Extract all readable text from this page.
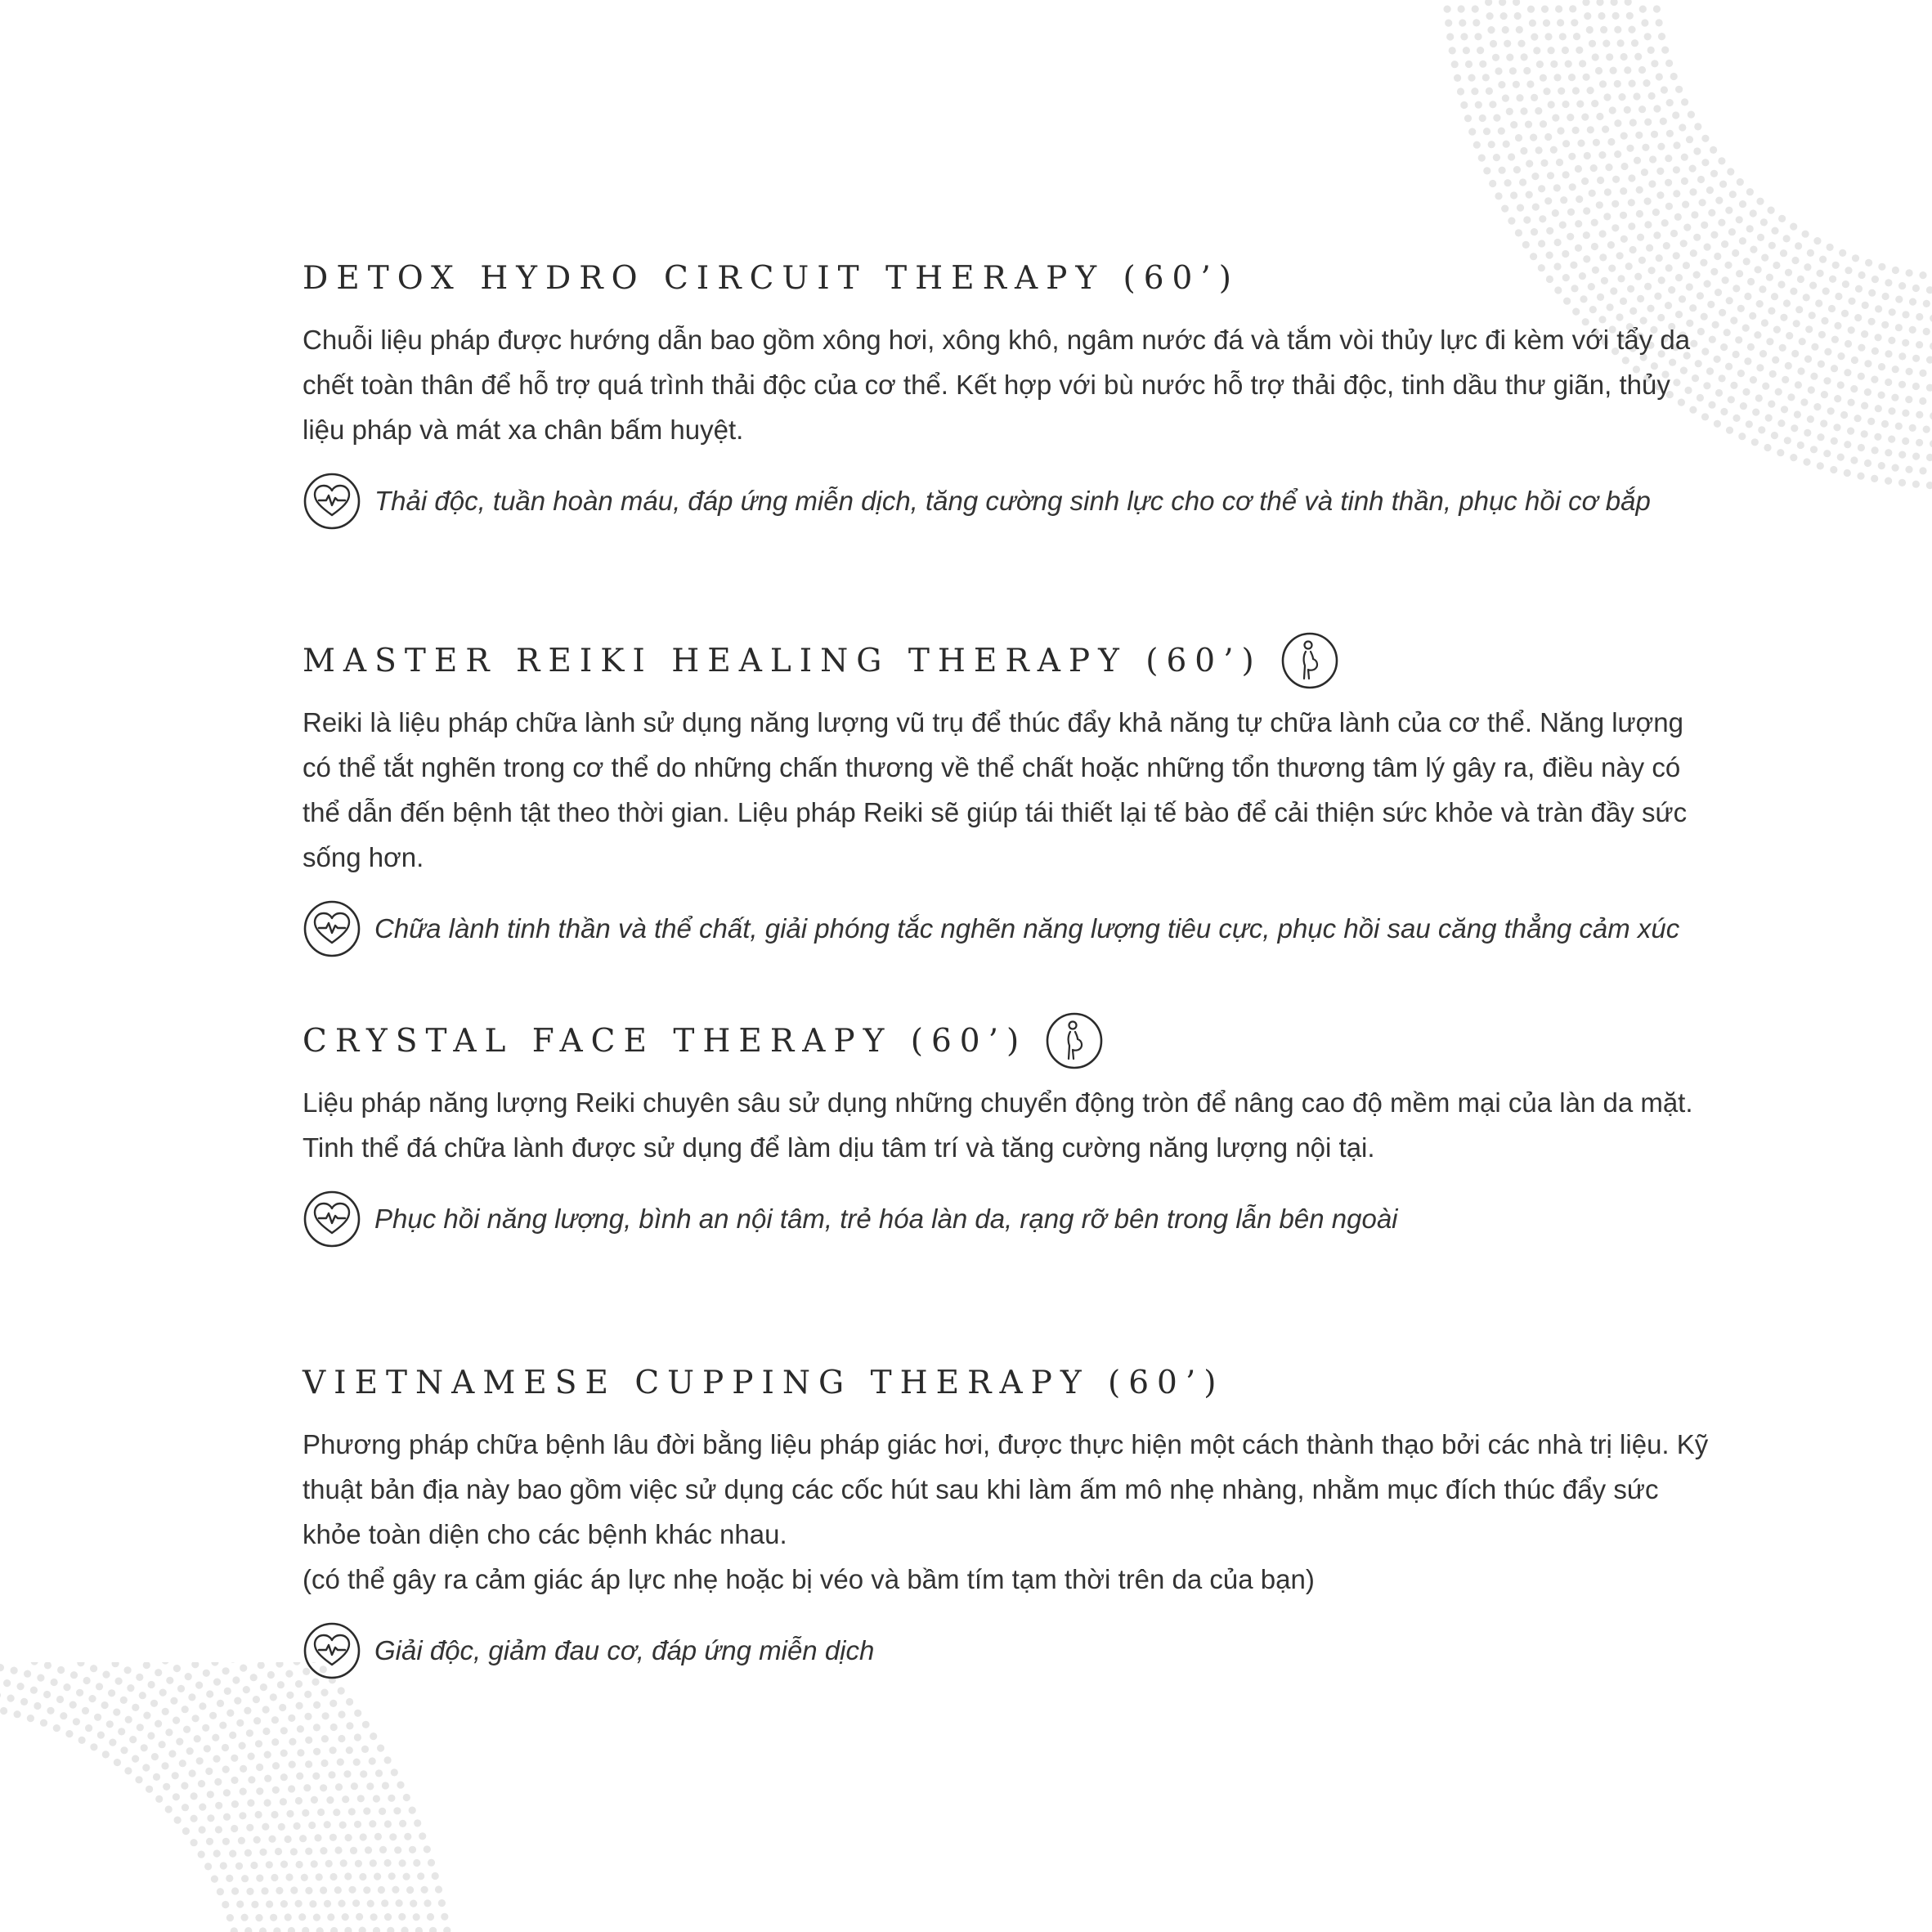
DETOX HYDRO CIRCUIT THERAPY (60’)

Chuỗi liệu pháp được hướng dẫn bao gồm xông hơi, xông khô, ngâm nước đá và tắm vòi thủy lực đi kèm với tẩy da chết toàn thân để hỗ trợ quá trình thải độc của cơ thể. Kết hợp với bù nước hỗ trợ thải độc, tinh dầu thư giãn, thủy liệu pháp và mát xa chân bấm huyệt.

Thải độc, tuần hoàn máu, đáp ứng miễn dịch, tăng cường sinh lực cho cơ thể và tinh thần, phục hồi cơ bắp
MASTER REIKI HEALING THERAPY (60’)

Reiki là liệu pháp chữa lành sử dụng năng lượng vũ trụ để thúc đẩy khả năng tự chữa lành của cơ thể. Năng lượng có thể tắt nghẽn trong cơ thể do những chấn thương về thể chất hoặc những tổn thương tâm lý gây ra, điều này có thể dẫn đến bệnh tật theo thời gian. Liệu pháp Reiki sẽ giúp tái thiết lại tế bào để cải thiện sức khỏe và tràn đầy sức sống hơn.

Chữa lành tinh thần và thể chất, giải phóng tắc nghẽn năng lượng tiêu cực, phục hồi sau căng thẳng cảm xúc
CRYSTAL FACE THERAPY (60’)

Liệu pháp năng lượng Reiki chuyên sâu sử dụng những chuyển động tròn để nâng cao độ mềm mại của làn da mặt. Tinh thể đá chữa lành được sử dụng để làm dịu tâm trí và tăng cường năng lượng nội tại.

Phục hồi năng lượng, bình an nội tâm, trẻ hóa làn da, rạng rỡ bên trong lẫn bên ngoài
VIETNAMESE CUPPING THERAPY (60’)

Phương pháp chữa bệnh lâu đời bằng liệu pháp giác hơi, được thực hiện một cách thành thạo bởi các nhà trị liệu. Kỹ thuật bản địa này bao gồm việc sử dụng các cốc hút sau khi làm ấm mô nhẹ nhàng, nhằm mục đích thúc đẩy sức khỏe toàn diện cho các bệnh khác nhau.

(có thể gây ra cảm giác áp lực nhẹ hoặc bị véo và bầm tím tạm thời trên da của bạn)

Giải độc, giảm đau cơ, đáp ứng miễn dịch
